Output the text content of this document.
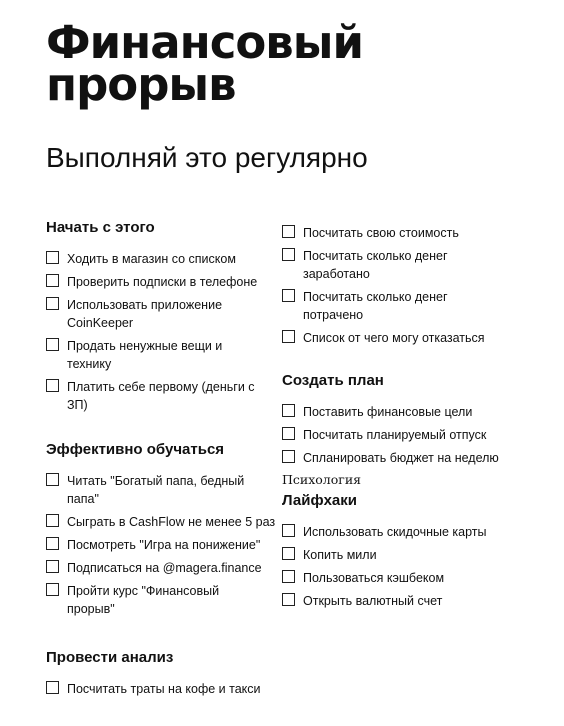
Финансовый
прорыв
Выполняй это регулярно
Начать с этого
Ходить в магазин со списком
Проверить подписки в телефоне
Использовать приложение CoinKeeper
Продать ненужные вещи и технику
Платить себе первому (деньги с ЗП)
Эффективно обучаться
Читать "Богатый папа, бедный папа"
Сыграть в CashFlow не менее 5 раз
Посмотреть "Игра на понижение"
Подписаться на @magera.finance
Пройти курс "Финансовый прорыв"
Провести анализ
Посчитать траты на кофе и такси
Посчитать свою стоимость
Посчитать сколько денег заработано
Посчитать сколько денег потрачено
Список от чего могу отказаться
Создать план
Поставить финансовые цели
Посчитать планируемый отпуск
Спланировать бюджет на неделю
Психология
Лайфхаки
Использовать скидочные карты
Копить мили
Пользоваться кэшбеком
Открыть валютный счет
